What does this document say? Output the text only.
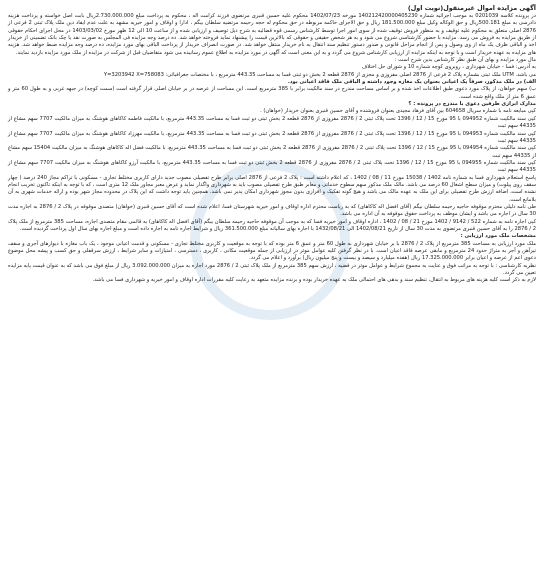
آگهی مزایده اموال غیرمنقول(نوبت اول)

در پرونده کلاسه 0201039 به موجب اجرائیه شماره 140212420000405230 مورخه 1402/07/23 محکوم علیه حسین قنبری مرتضوی فرزند کرامت اله ، محکوم به پرداخت مبلغ 2.730.000.000ریال بابت اصل خواسته و پرداخت هزینه دادرسی به مبلغ 500.181ریال و حق الوکاله وکیل مبلغ 181.500.000 ریال و حق الاجرای حاکمه مربوطه در حق محکوم له حجه رحیمه مرتضیه سلطان بیگم ، ادارا و اوقاف و امور خیریه مشهد به علت عدم ایفاد دین ملک پلاک ثبتی 2 فرعی از 2876 اصلی متعلق به محکوم علیه توقیف و به منظور فروش توقیف شده از سوی امور اجرا توسط کارشناس رسمی قوه قضائیه به شرح ذیل توصیف و ارزیابی شده و از ساعت 10 الی 12 ظهر مورخ 1403/03/02 در محل اجرای احکام حقوقی از طریق مزایده به فروش می رسد. مزایده با حضور کارشناسی شروع می شود و به هر شخص حقیقی و حقوقی که بالاترین قیمت را پیشنهاد نماید فروخته خواهد شد. ده درصد وجه مزایده فی المجلس به صورت نقد یا چک بانک تضمینی از خریدار اخذ و الباقی ظرف یک ماه از وی وصول و پس از انجام مراحل قانونی و صدور دستور تنظیم سند انتقال به نام خریدار منتقل خواهد شد. در صورت انصراف خریدار از پرداخت الباقی بهای مورد مزایده، ده درصد وجه مزایده ضبط خواهد شد. هزینه های مزایده به عهده خریدار است و با توجه به اینکه مزایده از ارزیابی کارشناس شروع می گردد و به این معنی است که آگهی در مورد مزایده به اطلاع عموم رسانیده می شود متقاضیان قبل از شرکت در مزایده از ملک مورد مزایده بازدید نمایند.

مال مورد مزایده و بهای آن طبق نظر کارشناس بدین شرح است :

به آدرس: فسا - خیابان شهرداری ، روبروی کوچه شماره 10 و شورای حل اختلاف

می باشد. UTM ملک ثبتی بشماره پلاک 2 فرعی از 2876 اصلی مفروزی و مجزی از 2876 قطعه 2 بخش دو ثبتی فسا به مساحت 443.35 مترمربع ، با مختصات جغرافیائی: Y=3203942 X=758083

الف) در ملک مذکور، صرفاً یک اعیانی بعنوان یک مغازه وجود داشته و الباقی ملک فاقد اعیانی بود.

ب) سهم خواهان، از پلاک مورد دعوی طبق اطلاعات اخذ شده و بر اساس مساحت مندرج در سند مالکیت برابر با 385 مترمربع است. این مساحت از عرصه در بر خیابان اصلی قرار گرفته است (سمت کوچه) در جبهه غربی و به طول 60 متر و عمق 6 متر از ملک واقع شده است.

مدارک ابرازی طرفین دعوی با مندرج در پرونده : ؟

کپی مبایعه نامه با شماره سریال 604658 بین آقای فرهاد مجیدی بعنوان فروشنده و آقای حسین قنبری بعنوان خریدار (خواهان) .

کپی سند مالکیت شماره 094952 با 95 مورخ 15 / 12 / 1396 تحت پلاک ثبتی 2 / 2876 مفروزی از 2876 قطعه 2 بخش ثبتی دو ثبت فسا به مساحت 443.35 مترمربع، با مالکیت فاطمه کاکاهای هوشنگ به میزان مالکیت 7707 سهم مشاع از 44335 سهم ثبت

کپی سند مالکیت شماره 094953 با 95 مورخ 15 / 12 / 1396 تحت پلاک ثبتی 2 / 2876 مفروزی از 2876 قطعه 2 بخش ثبتی دو ثبت فسا به مساحت 443.35 مترمربع، با مالکیت مهرزاد کاکاهای هوشنگ به میزان مالکیت 7707 سهم مشاع از 44335 سهم ثبت

کپی سند مالکیت شماره 094954 با 95 مورخ 15 / 12 / 1396 تحت پلاک ثبتی 2 / 2876 مفروزی از 2876 قطعه 2 بخش ثبتی دو ثبت فسا به مساحت 443.35 مترمربع، با مالکیت فضل اله کاکاهای هوشنگ به میزان مالکیت 15404 سهم مشاع از 44335 سهم ثبت

کپی سند مالکیت شماره 094955 با 95 مورخ 15 / 12 / 1396 تحت پلاک ثبتی 2 / 2876 مفروزی از 2876 قطعه 2 بخش ثبتی دو ثبت فسا به مساحت 443.35 مترمربع، با مالکیت آرزو کاکاهای هوشنگ به میزان مالکیت 7707 سهم مشاع از 44335 سهم ثبت

پاسخ استعلام شهرداری فسا به شماره نامه 1402 / 15038 مورخ 11 / 08 / 1402 ، که اعلام داشته است : پلاک 2 فرعی از 2876 اصلی برابر طرح تفصیلی مصوب جدید دارای کاربری مختلط تجاری - مسکونی با تراکم مجاز 240 درصد ( چهار سقف روی پیلوت) و میزان سطح اشغال 60 درصد می باشد. مالک ملک مذکور سهم سطوح خدماتی و معابر طبق طرح تفصیلی مصوب باید به شهرداری واگذار نماید و عرض معبر مجاور ملک 12 متری است ، که با توجه به اینکه تاکنون تخریب انجام نشده است، اضافه ارزش طرح تفصیلی برای این ملک به عهده مالک می باشد و هیچ گونه تفکیک و افرازی بدون مجوز شهرداری امکان پذیر نمی باشد. همچنین باید توجه داشت که این پلاک در محدوده مجاز شهر بوده و ارائه خدمات شهری به آن بلامانع است.

طی نامه دلیلی محترم موقوفه حاجیه رحیمه سلطان بیگم (آقای افضل اله کاکاهای) که به ریاست محترم اداره اوقاف و امور خیریه شهرستان فسا، اعلام شده است که آقای حسین قنبری (خواهان) متصدی موقوفه در پلاک 2 / 2876 به اجاره مدت 30 سال در اجاره می باشد و ایشان موظف به پرداخت حقوق موقوفه به آن اداره می باشد.

کپی اجاره نامه به شماره 522 / 9142 / 1402 مورخ 21 / 08 / 1402 ، اداره اوقاف و امور خیریه فسا که به موجب آن موقوفه حاجیه رحیمه سلطان بیگم (آقای افضل اله کاکاهای) به قائمی مقام متصدی اجاره، مساحت 385 مترمربع از ملک پلاک 2 / 2876 را به آقای حسین قنبری مرتضوی به مدت 30 سال از تاریخ 1402/08/21 الی 1432/08/21 با اجاره بهای سالیانه مبلغ 361.500.000 ریال و شرایط اجاره نامه به اجاره داده است و مبلغ اجاره بهای سال اول پرداخت گردیده است.

مشخصات ملک مورد ارزیابی :

ملک مورد ارزیابی به مساحت 385 مترمربع از پلاک 2 / 2876 با بر خیابان شهرداری به طول 60 متر و عمق 6 متر بوده که با توجه به موقعیت و کاربری مختلط تجاری - مسکونی و قدمت اعیانی موجود ، یک باب مغازه با دیوارهای آجری و سقف تیرآهن و آجر به متراژ حدود 24 مترمربع و مابقی عرصه فاقد اعیان است. با در نظر گرفتن کلیه عوامل موثر در ارزیابی از جمله موقعیت مکانی ، کاربری ، دسترسی ، امتیازات و سایر شرایط ، ارزش سرقفلی و حق کسب و پیشه محل موضوع دعوی اعم از عرصه و اعیان برابر 17.325.000.000 ریال (هفده میلیارد و سیصد و بیست و پنج میلیون ریال) برآورد و اعلام می گردد.

نظریه کارشناسی : با توجه به مراتب فوق و عنایت به مجموع شرایط و عوامل موثر در قضیه ، ارزش سهم 385 مترمربع از ملک پلاک ثبتی 2 / 2876 مورد اجاره به میزان 3.092.000.000 ریال از مبلغ فوق می باشد که به عنوان قیمت پایه مزایده تعیین می گردد.

لازم به ذکر است کلیه هزینه های مربوط به انتقال، تنظیم سند و بدهی های احتمالی ملک به عهده خریدار بوده و برنده مزایده متعهد به رعایت کلیه مقررات اداره اوقاف و امور خیریه و شهرداری فسا می باشد.
